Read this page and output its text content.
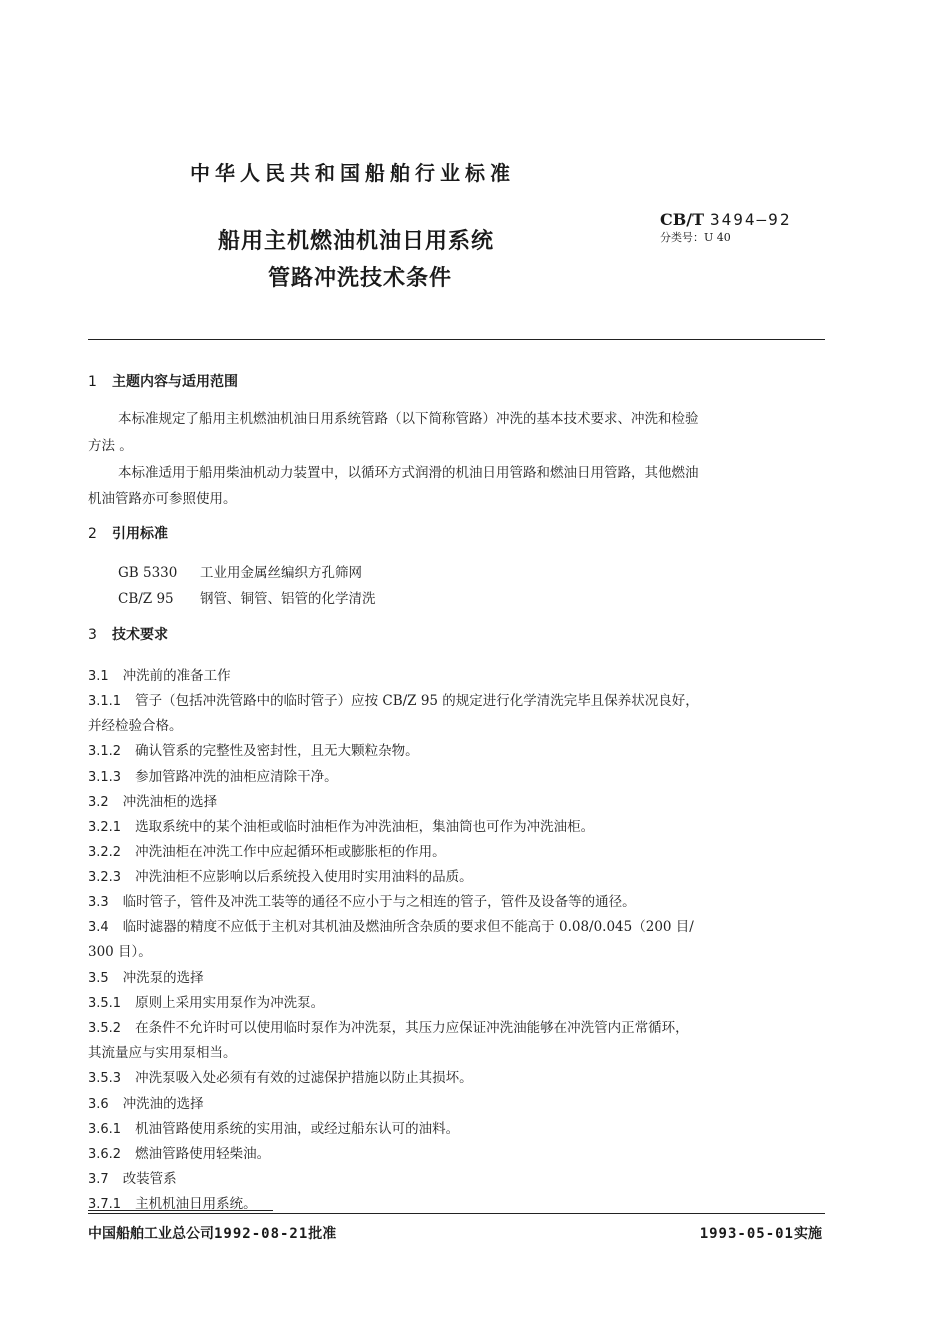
中华人民共和国船舶行业标准
船用主机燃油机油日用系统
管路冲洗技术条件
CB/T 3494—92
分类号：U 40
1 主题内容与适用范围
本标准规定了船用主机燃油机油日用系统管路（以下简称管路）冲洗的基本技术要求、冲洗和检验
方法 。
本标准适用于船用柴油机动力装置中，以循环方式润滑的机油日用管路和燃油日用管路，其他燃油
机油管路亦可参照使用。
2 引用标准
GB 5330 工业用金属丝编织方孔筛网
CB/Z 95 钢管、铜管、铝管的化学清洗
3 技术要求
3.1 冲洗前的准备工作
3.1.1 管子（包括冲洗管路中的临时管子）应按 CB/Z 95 的规定进行化学清洗完毕且保养状况良好，
并经检验合格。
3.1.2 确认管系的完整性及密封性，且无大颗粒杂物。
3.1.3 参加管路冲洗的油柜应清除干净。
3.2 冲洗油柜的选择
3.2.1 选取系统中的某个油柜或临时油柜作为冲洗油柜，集油筒也可作为冲洗油柜。
3.2.2 冲洗油柜在冲洗工作中应起循环柜或膨胀柜的作用。
3.2.3 冲洗油柜不应影响以后系统投入使用时实用油料的品质。
3.3 临时管子，管件及冲洗工装等的通径不应小于与之相连的管子，管件及设备等的通径。
3.4 临时滤器的精度不应低于主机对其机油及燃油所含杂质的要求但不能高于 0.08/0.045（200 目/
300 目）。
3.5 冲洗泵的选择
3.5.1 原则上采用实用泵作为冲洗泵。
3.5.2 在条件不允许时可以使用临时泵作为冲洗泵，其压力应保证冲洗油能够在冲洗管内正常循环，
其流量应与实用泵相当。
3.5.3 冲洗泵吸入处必须有有效的过滤保护措施以防止其损坏。
3.6 冲洗油的选择
3.6.1 机油管路使用系统的实用油，或经过船东认可的油料。
3.6.2 燃油管路使用轻柴油。
3.7 改装管系
3.7.1 主机机油日用系统。
中国船舶工业总公司1992-08-21批准	1993-05-01实施
